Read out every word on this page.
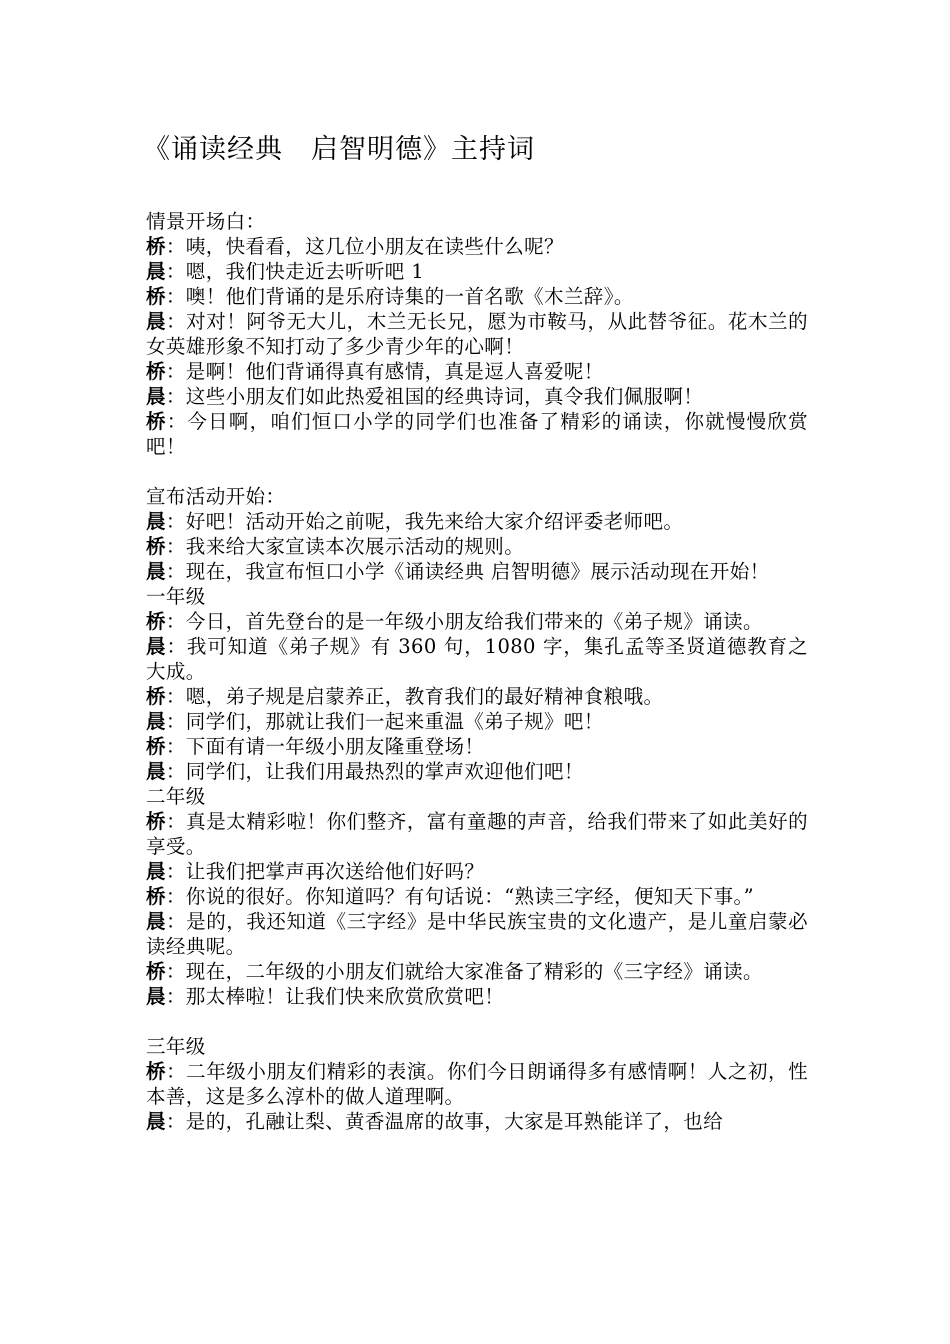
《诵读经典　启智明德》主持词

情景开场白：

桥：咦，快看看，这几位小朋友在读些什么呢？

晨：嗯，我们快走近去听听吧 1

桥：噢！他们背诵的是乐府诗集的一首名歌《木兰辞》。

晨：对对！阿爷无大儿，木兰无长兄，愿为市鞍马，从此替爷征。花木兰的女英雄形象不知打动了多少青少年的心啊！

桥：是啊！他们背诵得真有感情，真是逗人喜爱呢！

晨：这些小朋友们如此热爱祖国的经典诗词，真令我们佩服啊！

桥：今日啊，咱们恒口小学的同学们也准备了精彩的诵读，你就慢慢欣赏吧！

宣布活动开始：

晨：好吧！活动开始之前呢，我先来给大家介绍评委老师吧。

桥：我来给大家宣读本次展示活动的规则。

晨：现在，我宣布恒口小学《诵读经典 启智明德》展示活动现在开始！

一年级

桥：今日，首先登台的是一年级小朋友给我们带来的《弟子规》诵读。

晨：我可知道《弟子规》有 360 句，1080 字，集孔孟等圣贤道德教育之大成。

桥：嗯，弟子规是启蒙养正，教育我们的最好精神食粮哦。

晨：同学们，那就让我们一起来重温《弟子规》吧！

桥：下面有请一年级小朋友隆重登场！

晨：同学们，让我们用最热烈的掌声欢迎他们吧！

二年级

桥：真是太精彩啦！你们整齐，富有童趣的声音，给我们带来了如此美好的享受。

晨：让我们把掌声再次送给他们好吗？

桥：你说的很好。你知道吗？有句话说：“熟读三字经，便知天下事。”

晨：是的，我还知道《三字经》是中华民族宝贵的文化遗产，是儿童启蒙必读经典呢。

桥：现在，二年级的小朋友们就给大家准备了精彩的《三字经》诵读。

晨：那太棒啦！让我们快来欣赏欣赏吧！

三年级

桥：二年级小朋友们精彩的表演。你们今日朗诵得多有感情啊！人之初，性本善，这是多么淳朴的做人道理啊。

晨：是的，孔融让梨、黄香温席的故事，大家是耳熟能详了，也给
